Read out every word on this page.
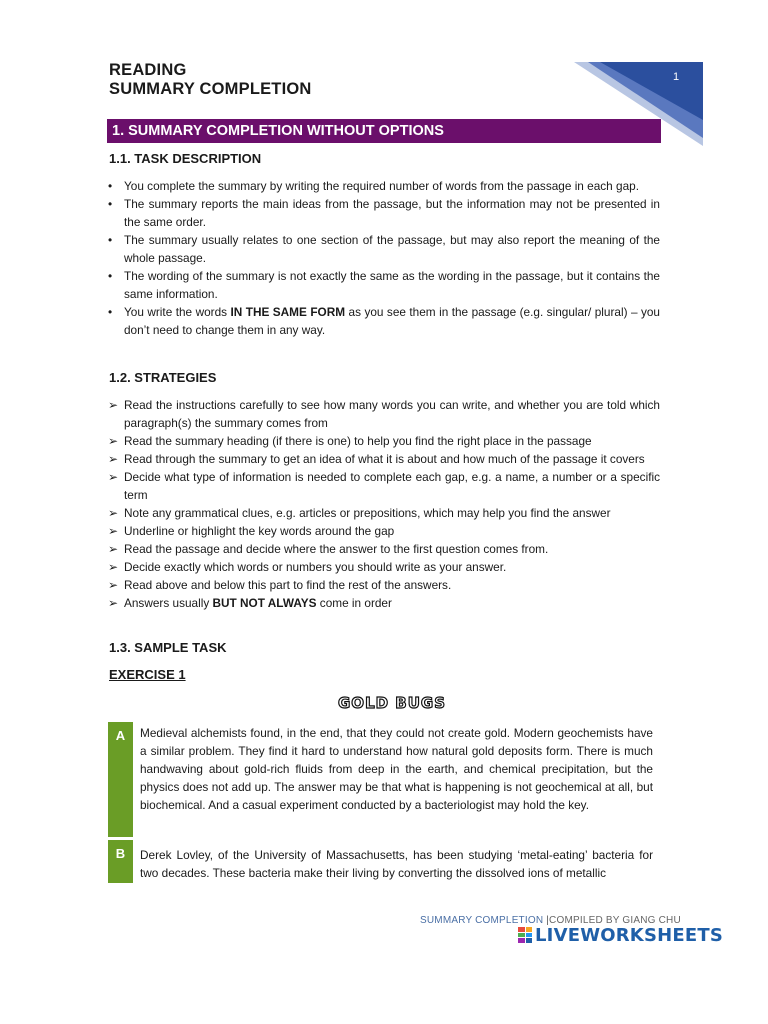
1
READING
SUMMARY COMPLETION
1. SUMMARY COMPLETION WITHOUT OPTIONS
1.1. TASK DESCRIPTION
• You complete the summary by writing the required number of words from the passage in each gap.
• The summary reports the main ideas from the passage, but the information may not be presented in the same order.
• The summary usually relates to one section of the passage, but may also report the meaning of the whole passage.
• The wording of the summary is not exactly the same as the wording in the passage, but it contains the same information.
• You write the words IN THE SAME FORM as you see them in the passage (e.g. singular/ plural) – you don’t need to change them in any way.
1.2. STRATEGIES
➢ Read the instructions carefully to see how many words you can write, and whether you are told which paragraph(s) the summary comes from
➢ Read the summary heading (if there is one) to help you find the right place in the passage
➢ Read through the summary to get an idea of what it is about and how much of the passage it covers
➢ Decide what type of information is needed to complete each gap, e.g. a name, a number or a specific term
➢ Note any grammatical clues, e.g. articles or prepositions, which may help you find the answer
➢ Underline or highlight the key words around the gap
➢ Read the passage and decide where the answer to the first question comes from.
➢ Decide exactly which words or numbers you should write as your answer.
➢ Read above and below this part to find the rest of the answers.
➢ Answers usually BUT NOT ALWAYS come in order
1.3. SAMPLE TASK
EXERCISE 1
GOLD BUGS
A
B

Medieval alchemists found, in the end, that they could not create gold. Modern geochemists have a similar problem. They find it hard to understand how natural gold deposits form. There is much handwaving about gold-rich fluids from deep in the earth, and chemical precipitation, but the physics does not add up. The answer may be that what is happening is not geochemical at all, but biochemical. And a casual experiment conducted by a bacteriologist may hold the key.

Derek Lovley, of the University of Massachusetts, has been studying ‘metal-eating’ bacteria for two decades. These bacteria make their living by converting the dissolved ions of metallic

SUMMARY COMPLETION |COMPILED BY GIANG CHU
LIVEWORKSHEETS
